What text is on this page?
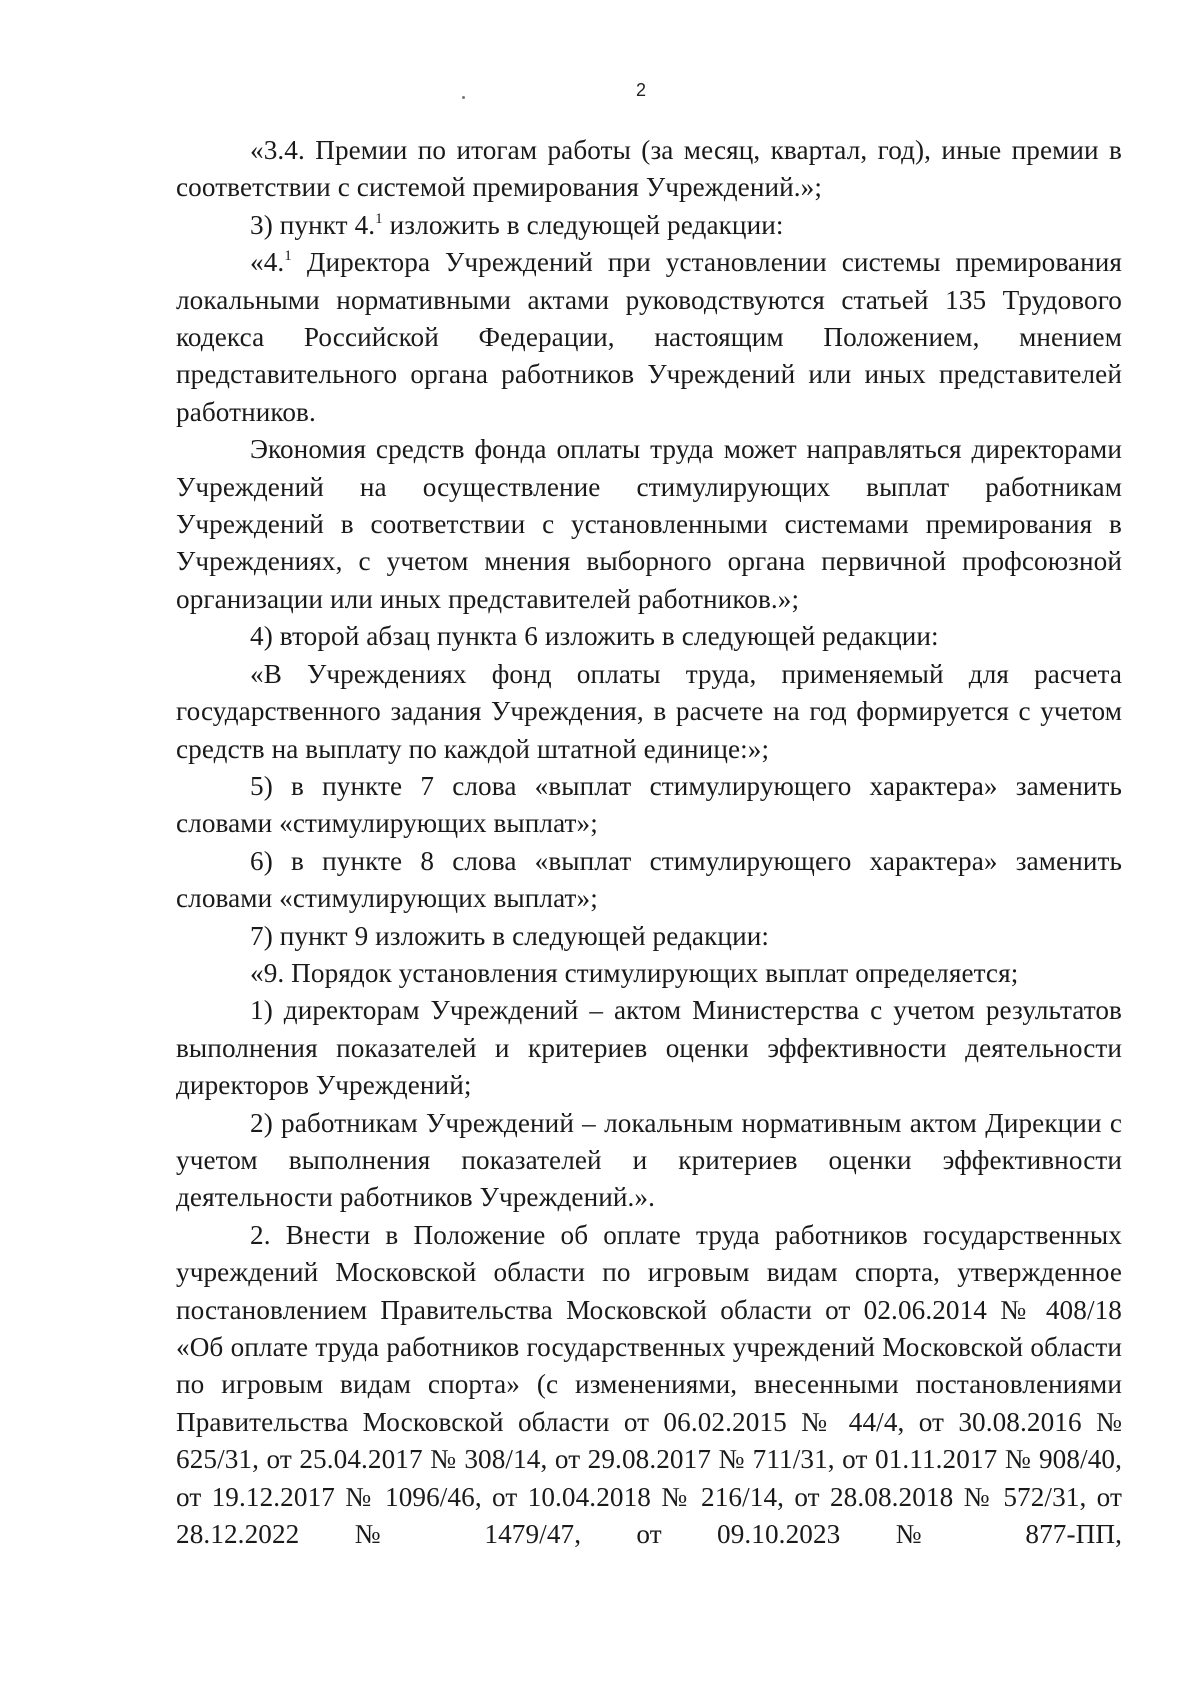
2

«3.4. Премии по итогам работы (за месяц, квартал, год), иные премии в соответствии с системой премирования Учреждений.»;

3) пункт 4.$^1$ изложить в следующей редакции:

«4.$^1$ Директора Учреждений при установлении системы премирования локальными нормативными актами руководствуются статьей 135 Трудового кодекса Российской Федерации, настоящим Положением, мнением представительного органа работников Учреждений или иных представителей работников.

Экономия средств фонда оплаты труда может направляться директорами Учреждений на осуществление стимулирующих выплат работникам Учреждений в соответствии с установленными системами премирования в Учреждениях, с учетом мнения выборного органа первичной профсоюзной организации или иных представителей работников.»;

4) второй абзац пункта 6 изложить в следующей редакции:

«В Учреждениях фонд оплаты труда, применяемый для расчета государственного задания Учреждения, в расчете на год формируется с учетом средств на выплату по каждой штатной единице:»;

5) в пункте 7 слова «выплат стимулирующего характера» заменить словами «стимулирующих выплат»;

6) в пункте 8 слова «выплат стимулирующего характера» заменить словами «стимулирующих выплат»;

7) пункт 9 изложить в следующей редакции:

«9. Порядок установления стимулирующих выплат определяется;

1) директорам Учреждений – актом Министерства с учетом результатов выполнения показателей и критериев оценки эффективности деятельности директоров Учреждений;

2) работникам Учреждений – локальным нормативным актом Дирекции с учетом выполнения показателей и критериев оценки эффективности деятельности работников Учреждений.».

2. Внести в Положение об оплате труда работников государственных учреждений Московской области по игровым видам спорта, утвержденное постановлением Правительства Московской области от 02.06.2014 № 408/18 «Об оплате труда работников государственных учреждений Московской области по игровым видам спорта» (с изменениями, внесенными постановлениями Правительства Московской области от 06.02.2015 № 44/4, от 30.08.2016 № 625/31, от 25.04.2017 № 308/14, от 29.08.2017 № 711/31, от 01.11.2017 № 908/40, от 19.12.2017 № 1096/46, от 10.04.2018 № 216/14, от 28.08.2018 № 572/31, от 28.12.2022 № 1479/47, от 09.10.2023 № 877-ПП,
